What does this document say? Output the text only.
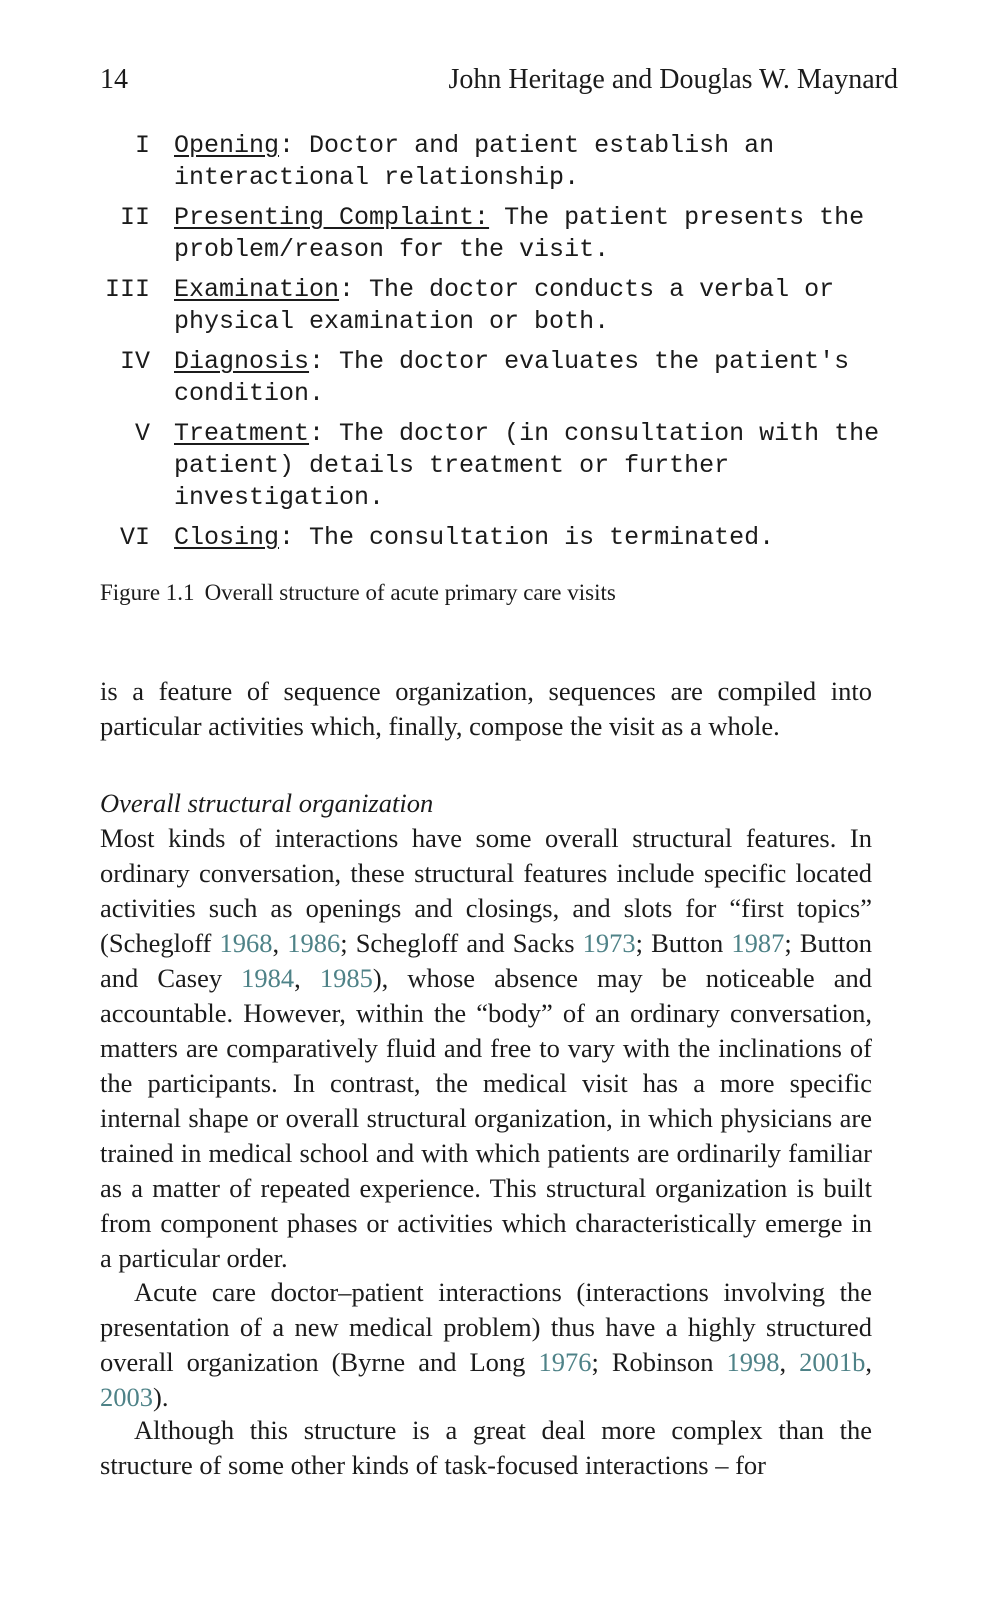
14	John Heritage and Douglas W. Maynard
I Opening: Doctor and patient establish an interactional relationship.
II Presenting Complaint: The patient presents the problem/reason for the visit.
III Examination: The doctor conducts a verbal or physical examination or both.
IV Diagnosis: The doctor evaluates the patient's condition.
V Treatment: The doctor (in consultation with the patient) details treatment or further investigation.
VI Closing: The consultation is terminated.
Figure 1.1 Overall structure of acute primary care visits
is a feature of sequence organization, sequences are compiled into particular activities which, finally, compose the visit as a whole.
Overall structural organization
Most kinds of interactions have some overall structural features. In ordinary conversation, these structural features include specific located activities such as openings and closings, and slots for “first topics” (Schegloff 1968, 1986; Schegloff and Sacks 1973; Button 1987; Button and Casey 1984, 1985), whose absence may be noticeable and accountable. However, within the “body” of an ordinary conversation, matters are comparatively fluid and free to vary with the inclinations of the participants. In contrast, the medical visit has a more specific internal shape or overall structural organization, in which physicians are trained in medical school and with which patients are ordinarily familiar as a matter of repeated experience. This structural organization is built from component phases or activities which characteristically emerge in a particular order.
Acute care doctor–patient interactions (interactions involving the presentation of a new medical problem) thus have a highly structured overall organization (Byrne and Long 1976; Robinson 1998, 2001b, 2003).
Although this structure is a great deal more complex than the structure of some other kinds of task-focused interactions – for
